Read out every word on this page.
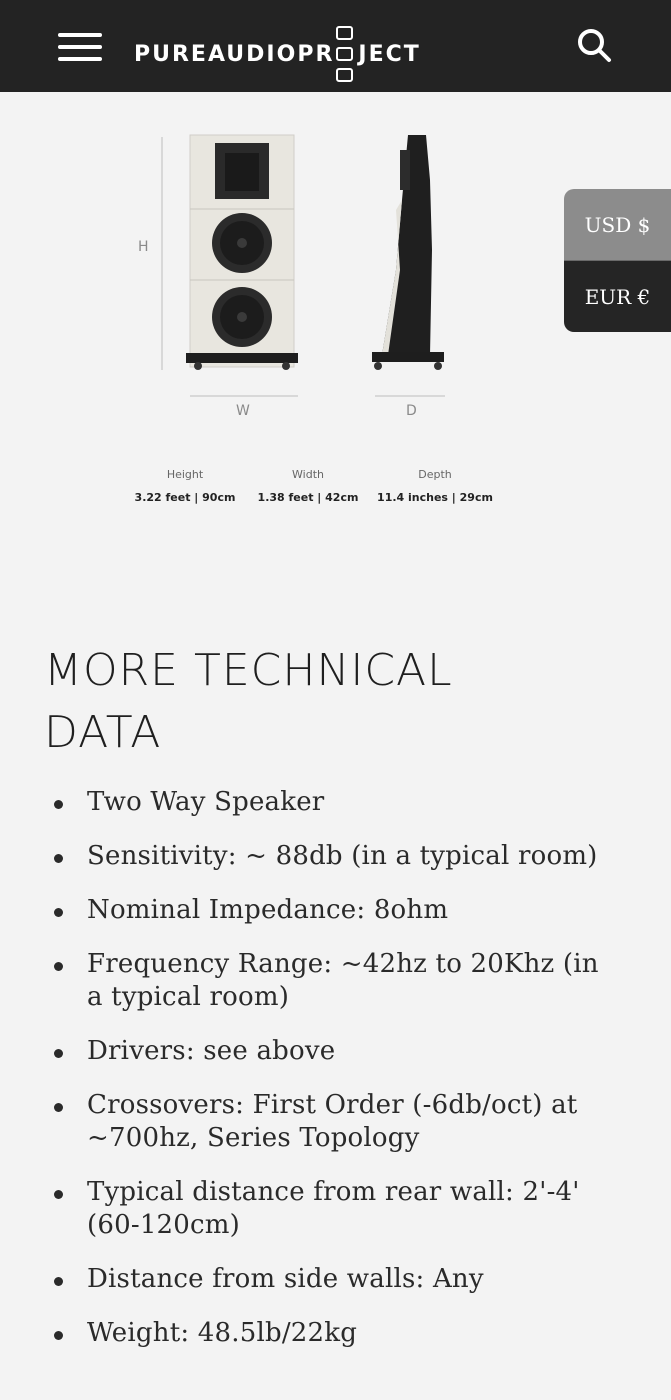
PUREAUDIOPR JECT
USD $
EUR €
H
W	D
Height
3.22 feet | 90cm
Width
1.38 feet | 42cm
Depth
11.4 inches | 29cm
MORE TECHNICAL DATA
Two Way Speaker
Sensitivity: ~ 88db (in a typical room)
Nominal Impedance: 8ohm
Frequency Range: ~42hz to 20Khz (in a typical room)
Drivers: see above
Crossovers: First Order (-6db/oct) at ~700hz, Series Topology
Typical distance from rear wall: 2'-4' (60-120cm)
Distance from side walls: Any
Weight: 48.5lb/22kg
